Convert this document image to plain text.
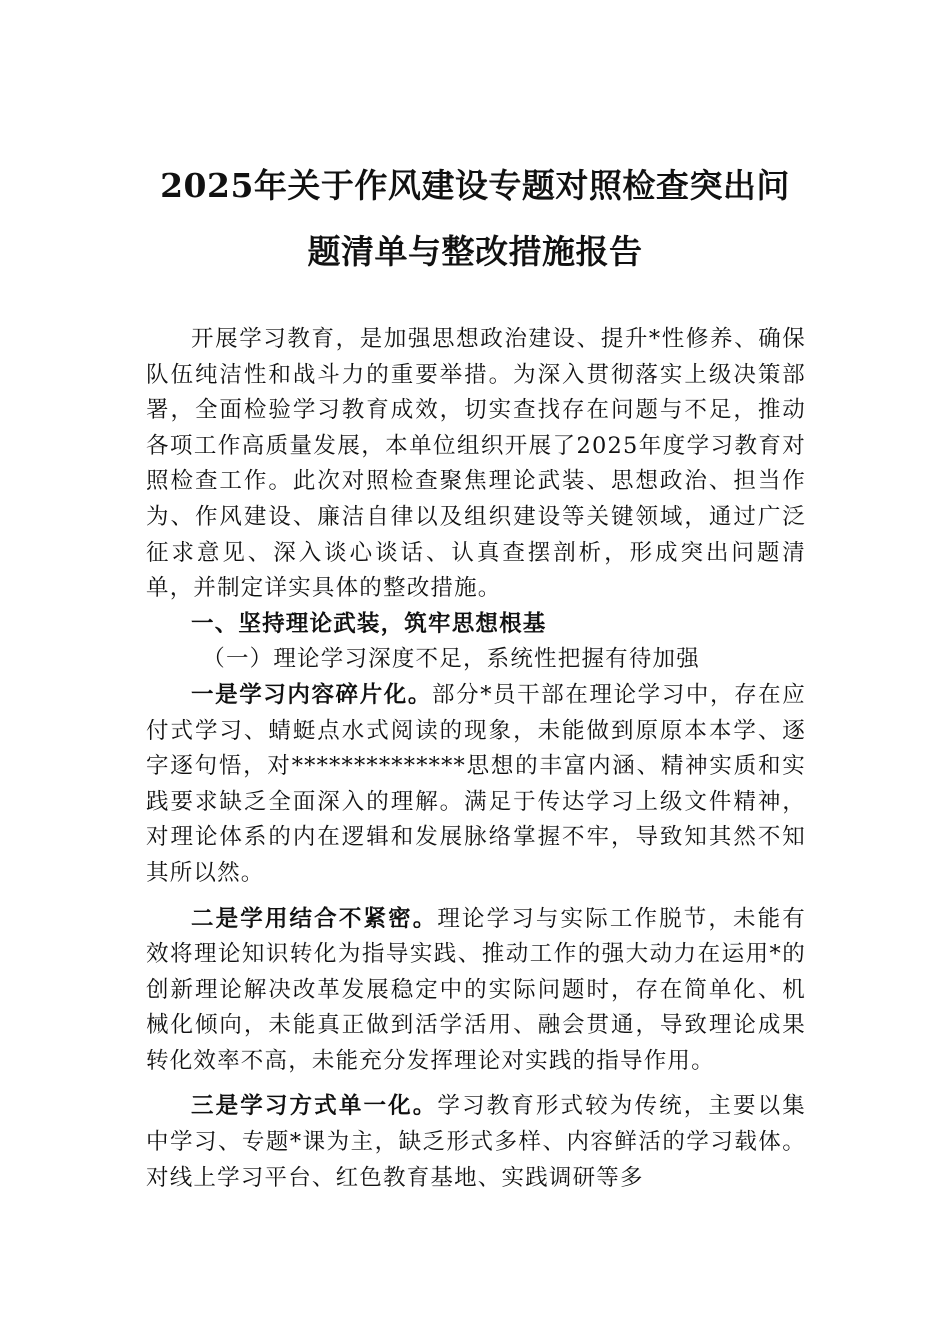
2025年关于作风建设专题对照检查突出问
题清单与整改措施报告

开展学习教育，是加强思想政治建设、提升*性修养、确保队伍纯洁性和战斗力的重要举措。为深入贯彻落实上级决策部署，全面检验学习教育成效，切实查找存在问题与不足，推动各项工作高质量发展，本单位组织开展了2025年度学习教育对照检查工作。此次对照检查聚焦理论武装、思想政治、担当作为、作风建设、廉洁自律以及组织建设等关键领域，通过广泛征求意见、深入谈心谈话、认真查摆剖析，形成突出问题清单，并制定详实具体的整改措施。

一、坚持理论武装，筑牢思想根基

（一）理论学习深度不足，系统性把握有待加强

一是学习内容碎片化。部分*员干部在理论学习中，存在应付式学习、蜻蜓点水式阅读的现象，未能做到原原本本学、逐字逐句悟，对**************思想的丰富内涵、精神实质和实践要求缺乏全面深入的理解。满足于传达学习上级文件精神，对理论体系的内在逻辑和发展脉络掌握不牢，导致知其然不知其所以然。

二是学用结合不紧密。理论学习与实际工作脱节，未能有效将理论知识转化为指导实践、推动工作的强大动力在运用*的创新理论解决改革发展稳定中的实际问题时，存在简单化、机械化倾向，未能真正做到活学活用、融会贯通，导致理论成果转化效率不高，未能充分发挥理论对实践的指导作用。

三是学习方式单一化。学习教育形式较为传统，主要以集中学习、专题*课为主，缺乏形式多样、内容鲜活的学习载体。对线上学习平台、红色教育基地、实践调研等多
